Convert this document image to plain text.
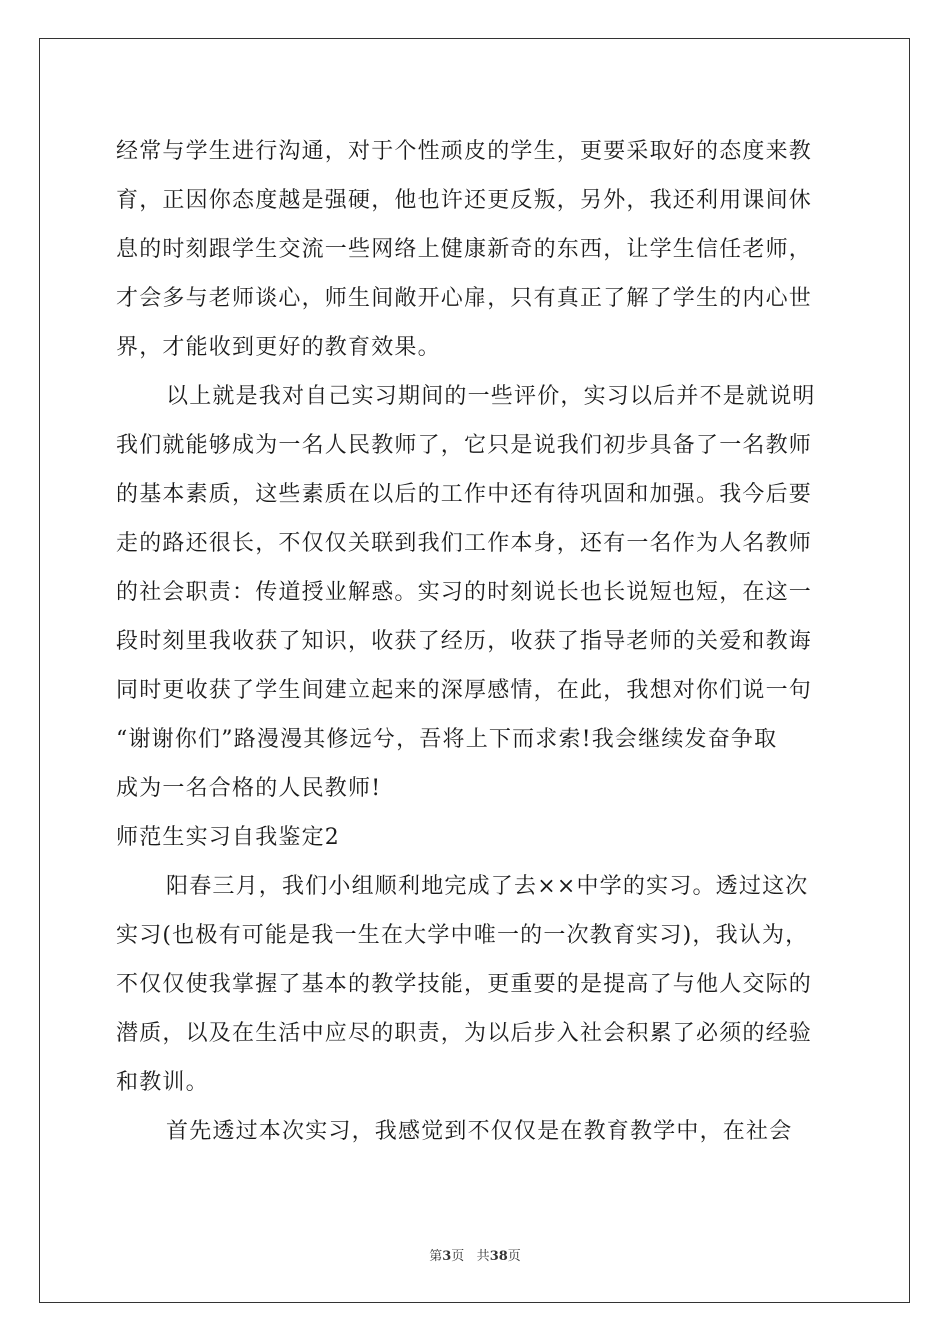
经常与学生进行沟通，对于个性顽皮的学生，更要采取好的态度来教
育，正因你态度越是强硬，他也许还更反叛，另外，我还利用课间休
息的时刻跟学生交流一些网络上健康新奇的东西，让学生信任老师，
才会多与老师谈心，师生间敞开心扉，只有真正了解了学生的内心世
界，才能收到更好的教育效果。
以上就是我对自己实习期间的一些评价，实习以后并不是就说明
我们就能够成为一名人民教师了，它只是说我们初步具备了一名教师
的基本素质，这些素质在以后的工作中还有待巩固和加强。我今后要
走的路还很长，不仅仅关联到我们工作本身，还有一名作为人名教师
的社会职责：传道授业解惑。实习的时刻说长也长说短也短，在这一
段时刻里我收获了知识，收获了经历，收获了指导老师的关爱和教诲
同时更收获了学生间建立起来的深厚感情，在此，我想对你们说一句
“谢谢你们”路漫漫其修远兮，吾将上下而求索!我会继续发奋争取
成为一名合格的人民教师!
师范生实习自我鉴定2
阳春三月，我们小组顺利地完成了去××中学的实习。透过这次
实习(也极有可能是我一生在大学中唯一的一次教育实习)，我认为，
不仅仅使我掌握了基本的教学技能，更重要的是提高了与他人交际的
潜质，以及在生活中应尽的职责，为以后步入社会积累了必须的经验
和教训。
首先透过本次实习，我感觉到不仅仅是在教育教学中，在社会
第3页 共38页
